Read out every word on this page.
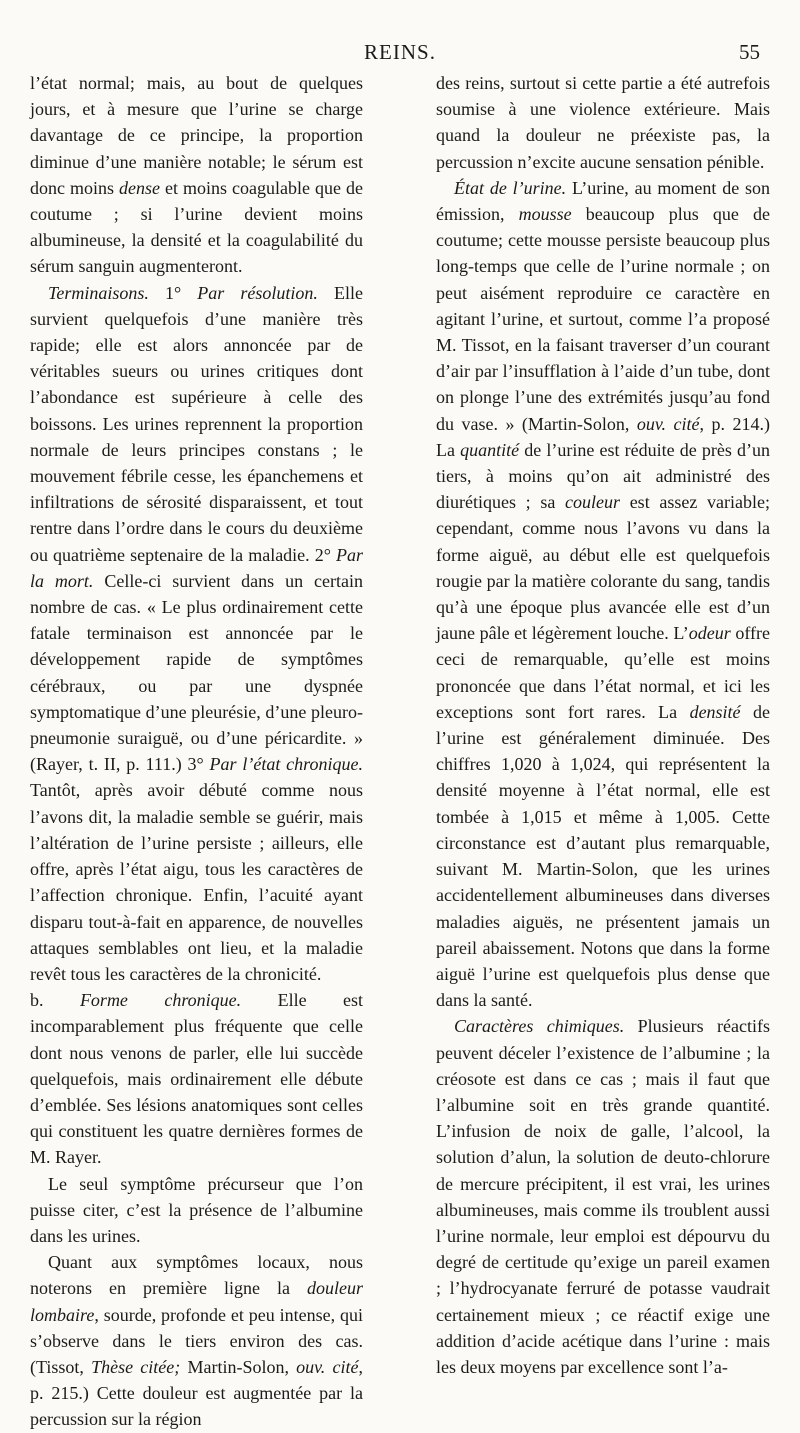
REINS.	55

l’état normal; mais, au bout de quelques jours, et à mesure que l’urine se charge davantage de ce principe, la proportion diminue d’une manière notable; le sérum est donc moins dense et moins coagulable que de coutume ; si l’urine devient moins albumineuse, la densité et la coagulabilité du sérum sanguin augmenteront.

Terminaisons. 1° Par résolution. Elle survient quelquefois d’une manière très rapide; elle est alors annoncée par de véritables sueurs ou urines critiques dont l’abondance est supérieure à celle des boissons. Les urines reprennent la proportion normale de leurs principes constans ; le mouvement fébrile cesse, les épanchemens et infiltrations de sérosité disparaissent, et tout rentre dans l’ordre dans le cours du deuxième ou quatrième septenaire de la maladie. 2° Par la mort. Celle-ci survient dans un certain nombre de cas. « Le plus ordinairement cette fatale terminaison est annoncée par le développement rapide de symptômes cérébraux, ou par une dyspnée symptomatique d’une pleurésie, d’une pleuro-pneumonie suraiguë, ou d’une péricardite. » (Rayer, t. II, p. 111.) 3° Par l’état chronique. Tantôt, après avoir débuté comme nous l’avons dit, la maladie semble se guérir, mais l’altération de l’urine persiste ; ailleurs, elle offre, après l’état aigu, tous les caractères de l’affection chronique. Enfin, l’acuité ayant disparu tout-à-fait en apparence, de nouvelles attaques semblables ont lieu, et la maladie revêt tous les caractères de la chronicité.

b. Forme chronique. Elle est incomparablement plus fréquente que celle dont nous venons de parler, elle lui succède quelquefois, mais ordinairement elle débute d’emblée. Ses lésions anatomiques sont celles qui constituent les quatre dernières formes de M. Rayer.

Le seul symptôme précurseur que l’on puisse citer, c’est la présence de l’albumine dans les urines.

Quant aux symptômes locaux, nous noterons en première ligne la douleur lombaire, sourde, profonde et peu intense, qui s’observe dans le tiers environ des cas. (Tissot, Thèse citée; Martin-Solon, ouv. cité, p. 215.) Cette douleur est augmentée par la percussion sur la région

des reins, surtout si cette partie a été autrefois soumise à une violence extérieure. Mais quand la douleur ne préexiste pas, la percussion n’excite aucune sensation pénible.

État de l’urine. L’urine, au moment de son émission, mousse beaucoup plus que de coutume; cette mousse persiste beaucoup plus long-temps que celle de l’urine normale ; on peut aisément reproduire ce caractère en agitant l’urine, et surtout, comme l’a proposé M. Tissot, en la faisant traverser d’un courant d’air par l’insufflation à l’aide d’un tube, dont on plonge l’une des extrémités jusqu’au fond du vase. » (Martin-Solon, ouv. cité, p. 214.) La quantité de l’urine est réduite de près d’un tiers, à moins qu’on ait administré des diurétiques ; sa couleur est assez variable; cependant, comme nous l’avons vu dans la forme aiguë, au début elle est quelquefois rougie par la matière colorante du sang, tandis qu’à une époque plus avancée elle est d’un jaune pâle et légèrement louche. L’odeur offre ceci de remarquable, qu’elle est moins prononcée que dans l’état normal, et ici les exceptions sont fort rares. La densité de l’urine est généralement diminuée. Des chiffres 1,020 à 1,024, qui représentent la densité moyenne à l’état normal, elle est tombée à 1,015 et même à 1,005. Cette circonstance est d’autant plus remarquable, suivant M. Martin-Solon, que les urines accidentellement albumineuses dans diverses maladies aiguës, ne présentent jamais un pareil abaissement. Notons que dans la forme aiguë l’urine est quelquefois plus dense que dans la santé.

Caractères chimiques. Plusieurs réactifs peuvent déceler l’existence de l’albumine ; la créosote est dans ce cas ; mais il faut que l’albumine soit en très grande quantité. L’infusion de noix de galle, l’alcool, la solution d’alun, la solution de deuto-chlorure de mercure précipitent, il est vrai, les urines albumineuses, mais comme ils troublent aussi l’urine normale, leur emploi est dépourvu du degré de certitude qu’exige un pareil examen ; l’hydrocyanate ferruré de potasse vaudrait certainement mieux ; ce réactif exige une addition d’acide acétique dans l’urine : mais les deux moyens par excellence sont l’a-
